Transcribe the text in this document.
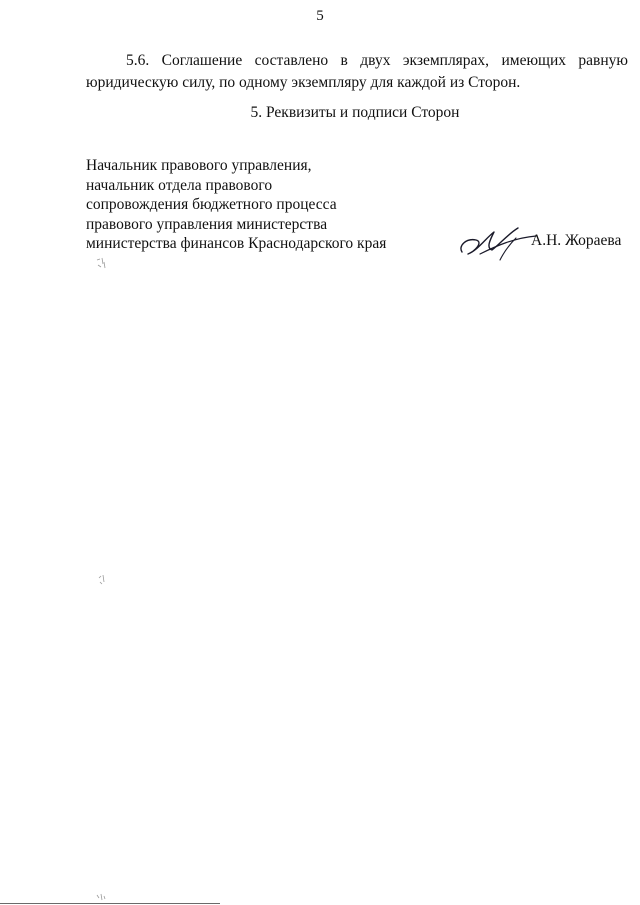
5
5.6. Соглашение составлено в двух экземплярах, имеющих равную юридическую силу, по одному экземпляру для каждой из Сторон.
5. Реквизиты и подписи Сторон
Начальник правового управления,
начальник отдела правового
сопровождения бюджетного процесса
правового управления министерства
министерства финансов Краснодарского края	А.Н. Жораева
